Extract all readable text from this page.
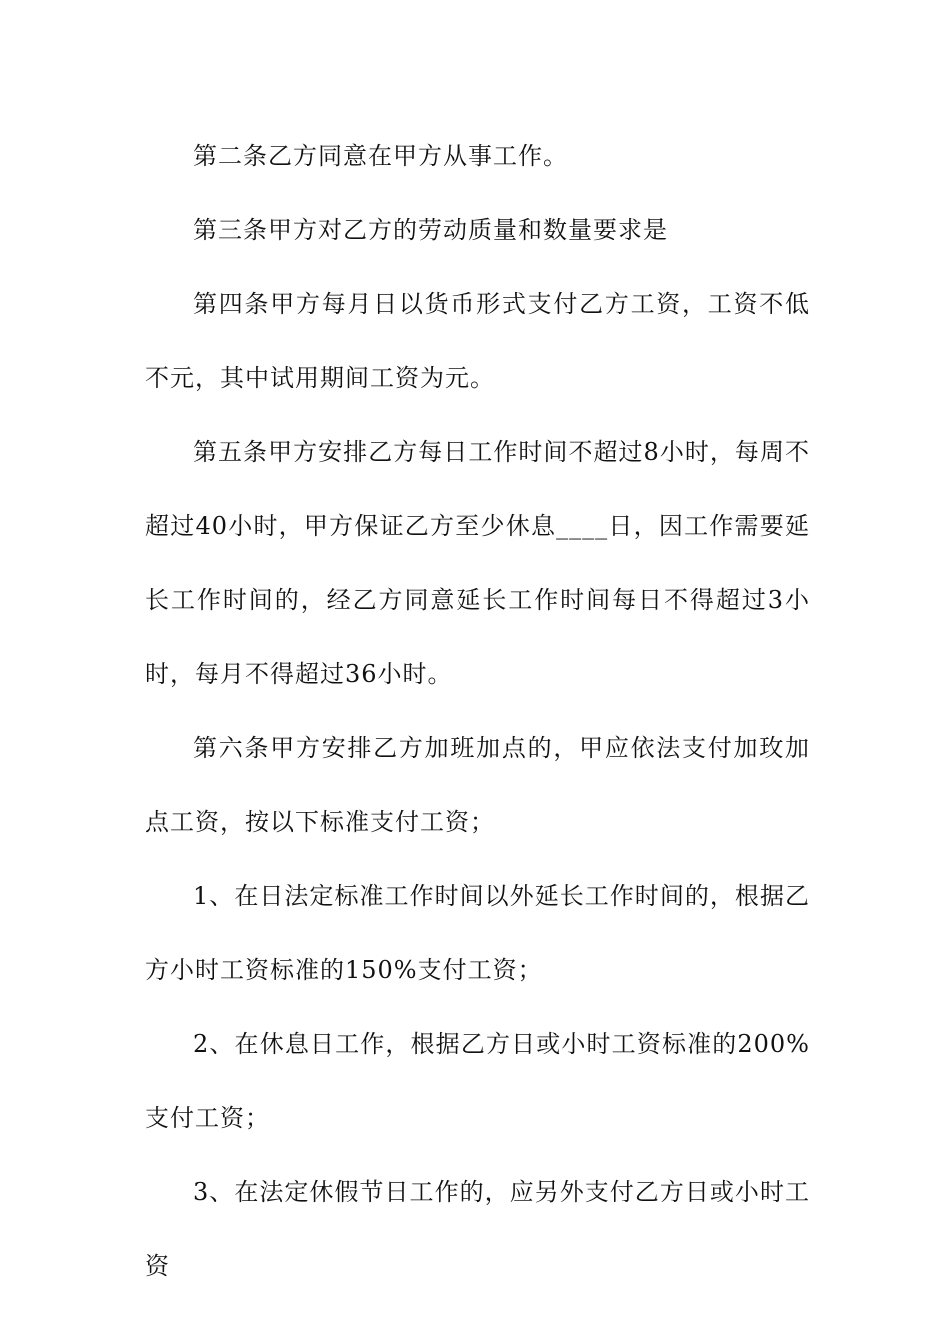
第二条乙方同意在甲方从事工作。

第三条甲方对乙方的劳动质量和数量要求是

第四条甲方每月日以货币形式支付乙方工资，工资不低不元，其中试用期间工资为元。

第五条甲方安排乙方每日工作时间不超过8小时，每周不超过40小时，甲方保证乙方至少休息____日，因工作需要延长工作时间的，经乙方同意延长工作时间每日不得超过3小时，每月不得超过36小时。

第六条甲方安排乙方加班加点的，甲应依法支付加玫加点工资，按以下标准支付工资；

1、在日法定标准工作时间以外延长工作时间的，根据乙方小时工资标准的150%支付工资；

2、在休息日工作，根据乙方日或小时工资标准的200%支付工资；

3、在法定休假节日工作的，应另外支付乙方日或小时工资
